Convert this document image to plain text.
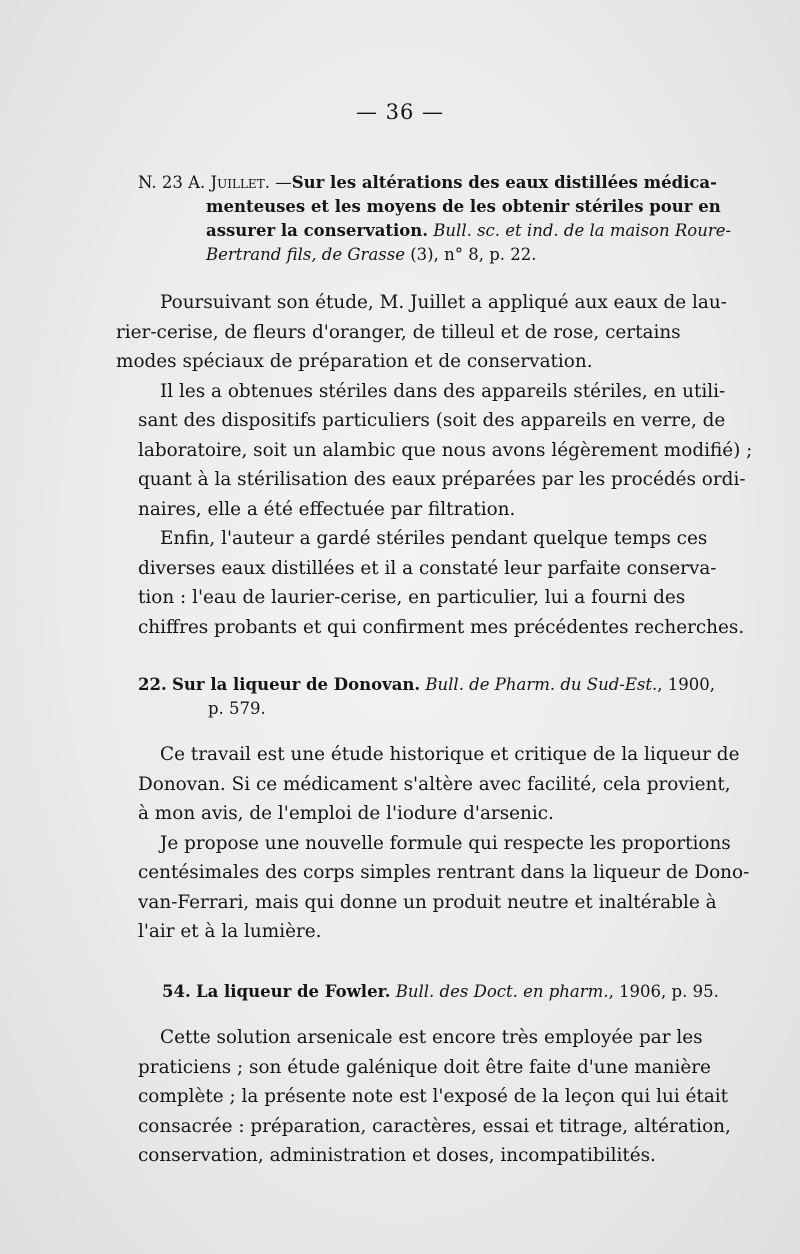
— 36 —
N. 23 A. Juillet. —Sur les altérations des eaux distillées médica-
menteuses et les moyens de les obtenir stériles pour en
assurer la conservation. Bull. sc. et ind. de la maison Roure-
Bertrand fils, de Grasse (3), n° 8, p. 22.

Poursuivant son étude, M. Juillet a appliqué aux eaux de lau-
rier-cerise, de fleurs d'oranger, de tilleul et de rose, certains
modes spéciaux de préparation et de conservation.

Il les a obtenues stériles dans des appareils stériles, en utili-
sant des dispositifs particuliers (soit des appareils en verre, de
laboratoire, soit un alambic que nous avons légèrement modifié) ;
quant à la stérilisation des eaux préparées par les procédés ordi-
naires, elle a été effectuée par filtration.

Enfin, l'auteur a gardé stériles pendant quelque temps ces
diverses eaux distillées et il a constaté leur parfaite conserva-
tion : l'eau de laurier-cerise, en particulier, lui a fourni des
chiffres probants et qui confirment mes précédentes recherches.

22. Sur la liqueur de Donovan. Bull. de Pharm. du Sud-Est., 1900,
p. 579.

Ce travail est une étude historique et critique de la liqueur de
Donovan. Si ce médicament s'altère avec facilité, cela provient,
à mon avis, de l'emploi de l'iodure d'arsenic.

Je propose une nouvelle formule qui respecte les proportions
centésimales des corps simples rentrant dans la liqueur de Dono-
van-Ferrari, mais qui donne un produit neutre et inaltérable à
l'air et à la lumière.

54. La liqueur de Fowler. Bull. des Doct. en pharm., 1906, p. 95.

Cette solution arsenicale est encore très employée par les
praticiens ; son étude galénique doit être faite d'une manière
complète ; la présente note est l'exposé de la leçon qui lui était
consacrée : préparation, caractères, essai et titrage, altération,
conservation, administration et doses, incompatibilités.
